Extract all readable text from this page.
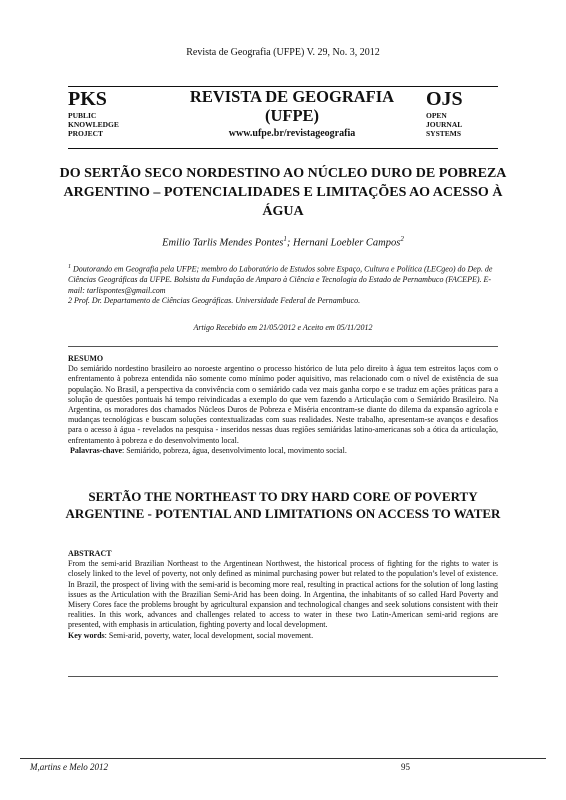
Revista de Geografia (UFPE) V. 29, No. 3, 2012
PKS
PUBLIC
KNOWLEDGE
PROJECT
REVISTA DE GEOGRAFIA
(UFPE)
www.ufpe.br/revistageografia
OJS
OPEN
JOURNAL
SYSTEMS
DO SERTÃO SECO NORDESTINO AO NÚCLEO DURO DE POBREZA ARGENTINO – POTENCIALIDADES E LIMITAÇÕES AO ACESSO À ÁGUA
Emilio Tarlis Mendes Pontes$^1$; Hernani Loebler Campos$^2$
$^1$ Doutorando em Geografia pela UFPE; membro do Laboratório de Estudos sobre Espaço, Cultura e Política (LECgeo) do Dep. de Ciências Geográficas da UFPE. Bolsista da Fundação de Amparo à Ciência e Tecnologia do Estado de Pernambuco (FACEPE). E-mail: tarlispontes@gmail.com
2 Prof. Dr. Departamento de Ciências Geográficas. Universidade Federal de Pernambuco.
Artigo Recebido em 21/05/2012 e Aceito em 05/11/2012
RESUMO
Do semiárido nordestino brasileiro ao noroeste argentino o processo histórico de luta pelo direito à água tem estreitos laços com o enfrentamento à pobreza entendida não somente como mínimo poder aquisitivo, mas relacionado com o nível de existência de sua população. No Brasil, a perspectiva da convivência com o semiárido cada vez mais ganha corpo e se traduz em ações práticas para a solução de questões pontuais há tempo reivindicadas a exemplo do que vem fazendo a Articulação com o Semiárido Brasileiro. Na Argentina, os moradores dos chamados Núcleos Duros de Pobreza e Miséria encontram-se diante do dilema da expansão agrícola e mudanças tecnológicas e buscam soluções contextualizadas com suas realidades. Neste trabalho, apresentam-se avanços e desafios para o acesso à água - revelados na pesquisa - inseridos nessas duas regiões semiáridas latino-americanas sob a ótica da articulação, enfrentamento à pobreza e do desenvolvimento local.
Palavras-chave: Semiárido, pobreza, água, desenvolvimento local, movimento social.
SERTÃO THE NORTHEAST TO DRY HARD CORE OF POVERTY ARGENTINE - POTENTIAL AND LIMITATIONS ON ACCESS TO WATER
ABSTRACT
From the semi-arid Brazilian Northeast to the Argentinean Northwest, the historical process of fighting for the rights to water is closely linked to the level of poverty, not only defined as minimal purchasing power but related to the population’s level of existence. In Brazil, the prospect of living with the semi-arid is becoming more real, resulting in practical actions for the solution of long lasting issues as the Articulation with the Brazilian Semi-Arid has been doing. In Argentina, the inhabitants of so called Hard Poverty and Misery Cores face the problems brought by agricultural expansion and technological changes and seek solutions consistent with their realities. In this work, advances and challenges related to access to water in these two Latin-American semi-arid regions are presented, with emphasis in articulation, fighting poverty and local development.
Key words: Semi-arid, poverty, water, local development, social movement.
M,artins e Melo 2012	95
